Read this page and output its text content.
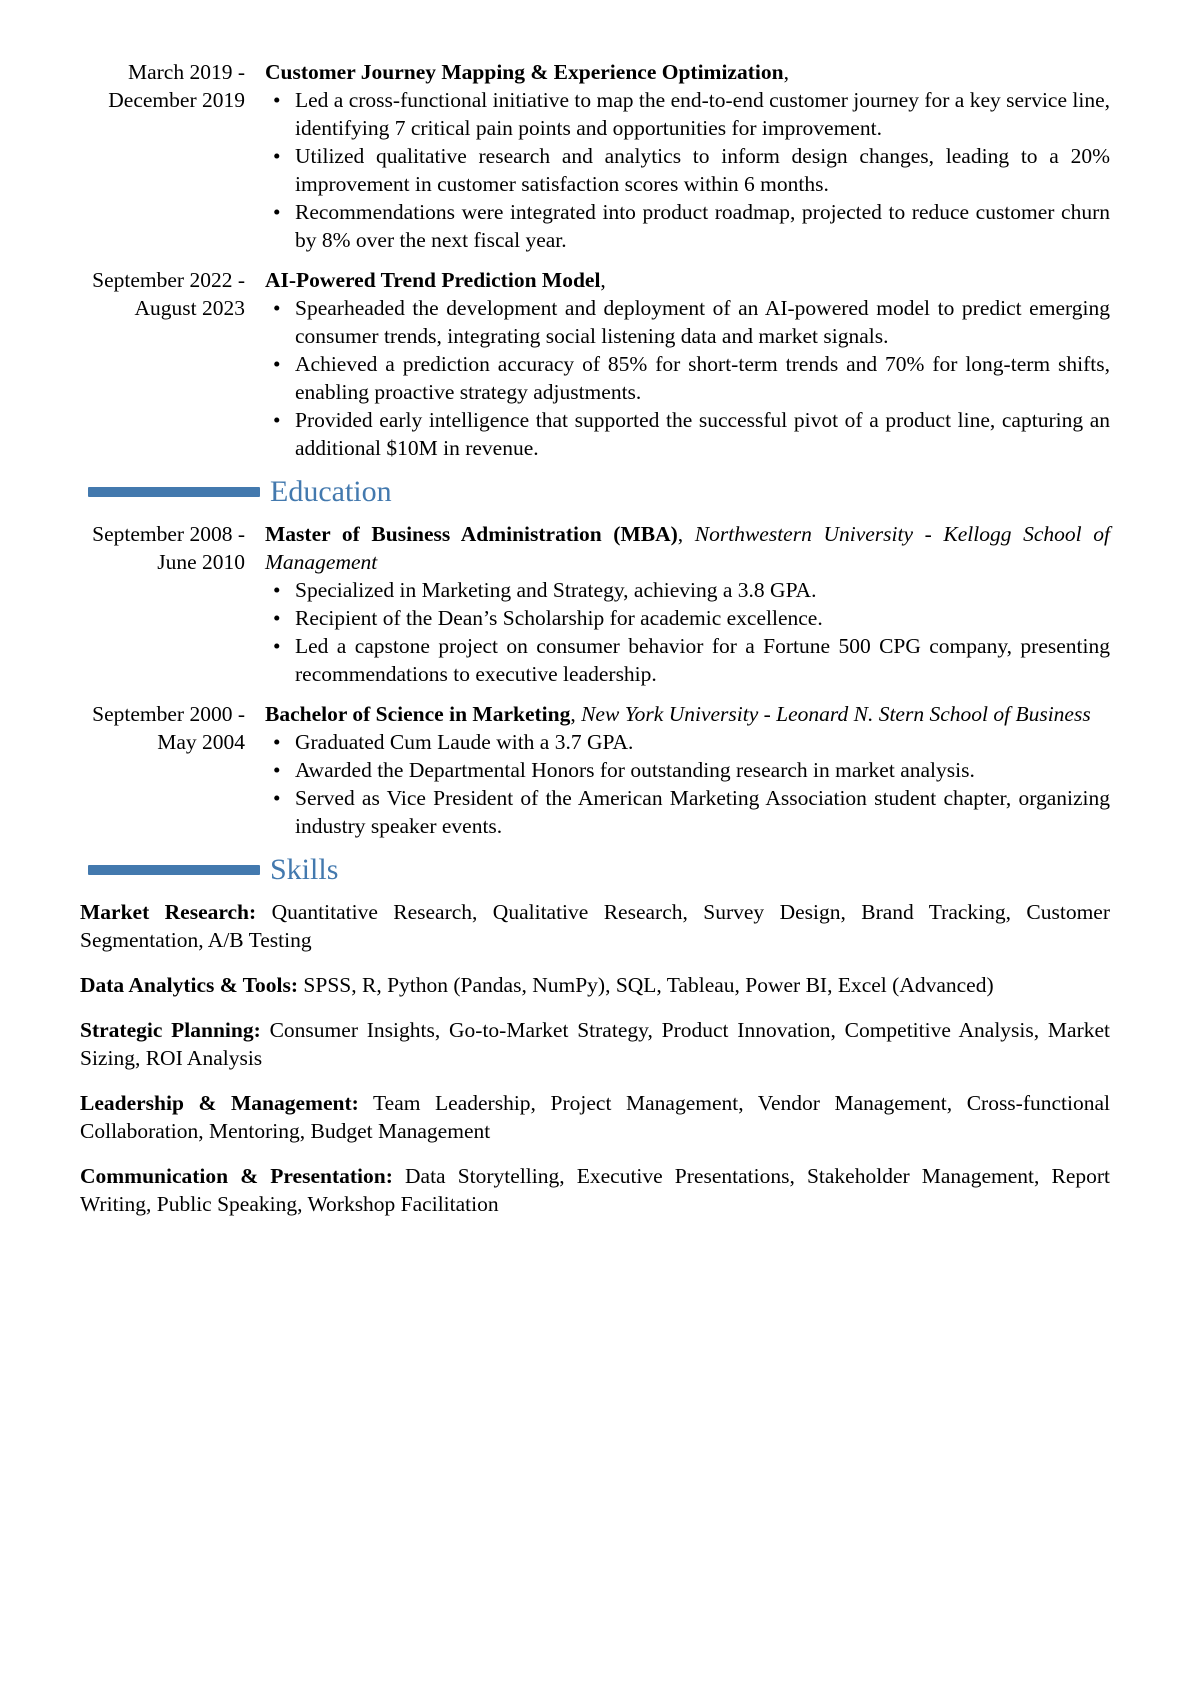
March 2019 - December 2019
Customer Journey Mapping & Experience Optimization,
• Led a cross-functional initiative to map the end-to-end customer journey for a key service line, identifying 7 critical pain points and opportunities for improvement.
• Utilized qualitative research and analytics to inform design changes, leading to a 20% improvement in customer satisfaction scores within 6 months.
• Recommendations were integrated into product roadmap, projected to reduce customer churn by 8% over the next fiscal year.
September 2022 - August 2023
AI-Powered Trend Prediction Model,
• Spearheaded the development and deployment of an AI-powered model to predict emerging consumer trends, integrating social listening data and market signals.
• Achieved a prediction accuracy of 85% for short-term trends and 70% for long-term shifts, enabling proactive strategy adjustments.
• Provided early intelligence that supported the successful pivot of a product line, capturing an additional $10M in revenue.
Education
September 2008 - June 2010
Master of Business Administration (MBA), Northwestern University - Kellogg School of Management
• Specialized in Marketing and Strategy, achieving a 3.8 GPA.
• Recipient of the Dean’s Scholarship for academic excellence.
• Led a capstone project on consumer behavior for a Fortune 500 CPG company, presenting recommendations to executive leadership.
September 2000 - May 2004
Bachelor of Science in Marketing, New York University - Leonard N. Stern School of Business
• Graduated Cum Laude with a 3.7 GPA.
• Awarded the Departmental Honors for outstanding research in market analysis.
• Served as Vice President of the American Marketing Association student chapter, organizing industry speaker events.
Skills

Market Research: Quantitative Research, Qualitative Research, Survey Design, Brand Tracking, Customer Segmentation, A/B Testing

Data Analytics & Tools: SPSS, R, Python (Pandas, NumPy), SQL, Tableau, Power BI, Excel (Advanced)

Strategic Planning: Consumer Insights, Go-to-Market Strategy, Product Innovation, Competitive Analysis, Market Sizing, ROI Analysis

Leadership & Management: Team Leadership, Project Management, Vendor Management, Cross-functional Collaboration, Mentoring, Budget Management

Communication & Presentation: Data Storytelling, Executive Presentations, Stakeholder Management, Report Writing, Public Speaking, Workshop Facilitation
